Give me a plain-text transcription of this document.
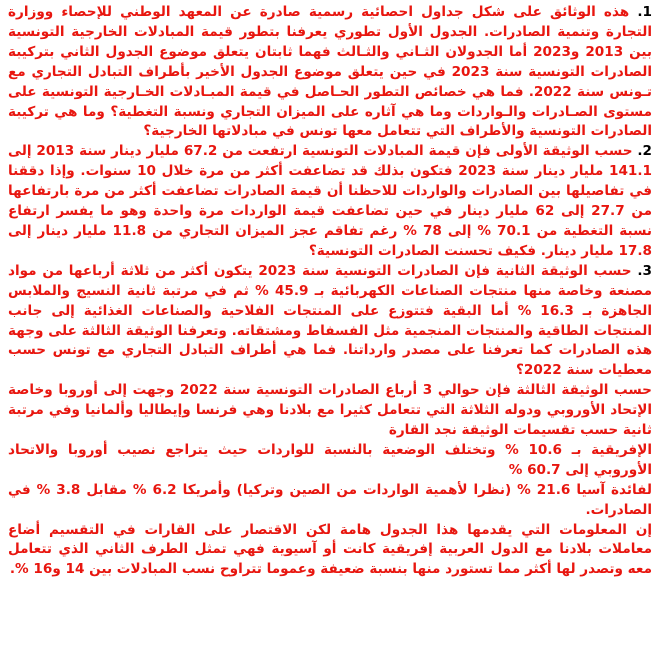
1. هذه الوثائق على شكل جداول احصائية رسمية صادرة عن المعهد الوطني للإحصاء ووزارة التجارة وتنمية الصادرات. الجدول الأول تطوري يعرفنا بتطور قيمة المبادلات الخارجية التونسية بين 2013 و2023 أما الجدولان الثـاني والثـالث فهما ثابتان يتعلق موضوع الجدول الثاني بتركيبة الصادرات التونسية سنة 2023 في حين يتعلق موضوع الجدول الأخير بأطراف التبادل التجاري مع تـونس سنة 2022. فما هي خصائص التطور الحـاصل في قيمة المبـادلات الخـارجية التونسية على مستوى الصـادرات والـواردات وما هي آثاره على الميزان التجاري ونسبة التغطية؟ وما هي تركيبة الصادرات التونسية والأطراف التي تتعامل معها تونس في مبادلاتها الخارجية؟

2. حسب الوثيقة الأولى فإن قيمة المبادلات التونسية ارتفعت من 67.2 مليار دينار سنة 2013 إلى 141.1 مليار دينار سنة 2023 فتكون بذلك قد تضاعفت أكثر من مرة خلال 10 سنوات. وإذا دققنا في تفاصيلها بين الصادرات والواردات للاحظنا أن قيمة الصادرات تضاعفت أكثر من مرة بارتفاعها من 27.7 إلى 62 مليار دينار في حين تضاعفت قيمة الواردات مرة واحدة وهو ما يفسر ارتفاع نسبة التغطية من 70.1 % إلى 78 % رغم تفاقم عجز الميزان التجاري من 11.8 مليار دينار إلى 17.8 مليار دينار. فكيف تحسنت الصادرات التونسية؟

3. حسب الوثيقة الثانية فإن الصادرات التونسية سنة 2023 يتكون أكثر من ثلاثة أرباعها من مواد مصنعة وخاصة منها منتجات الصناعات الكهربائية بـ 45.9 % ثم في مرتبة ثانية النسيج والملابس الجاهزة بـ 16.3 % أما البقية فتتوزع على المنتجات الفلاحية والصناعات الغذائية إلى جانب المنتجات الطاقية والمنتجات المنجمية مثل الفسفاط ومشتقاته. وتعرفنا الوثيقة الثالثة على وجهة هذه الصادرات كما تعرفنا على مصدر وارداتنا. فما هي أطراف التبادل التجاري مع تونس حسب معطيات سنة 2022؟

حسب الوثيقة الثالثة فإن حوالي 3 أرباع الصادرات التونسية سنة 2022 وجهت إلى أوروبا وخاصة الإتحاد الأوروبي ودوله الثلاثة التي تتعامل كثيرا مع بلادنا وهي فرنسا وإيطاليا وألمانيا وفي مرتبة ثانية حسب تقسيمات الوثيقة نجد القارة

الإفريقية بـ 10.6 % وتختلف الوضعية بالنسبة للواردات حيث يتراجع نصيب أوروبا والاتحاد الأوروبي إلى 60.7 %

لفائدة آسيا 21.6 % (نظرا لأهمية الواردات من الصين وتركيا) وأمريكا 6.2 % مقابل 3.8 % في الصادرات.

إن المعلومات التي يقدمها هذا الجدول هامة لكن الاقتصار على القارات في التقسيم أضاع معاملات بلادنا مع الدول العربية إفريقية كانت أو آسيوية فهي تمثل الطرف الثاني الذي تتعامل معه وتصدر لها أكثر مما تستورد منها بنسبة ضعيفة وعموما تتراوح نسب المبادلات بين 14 و16 %.
